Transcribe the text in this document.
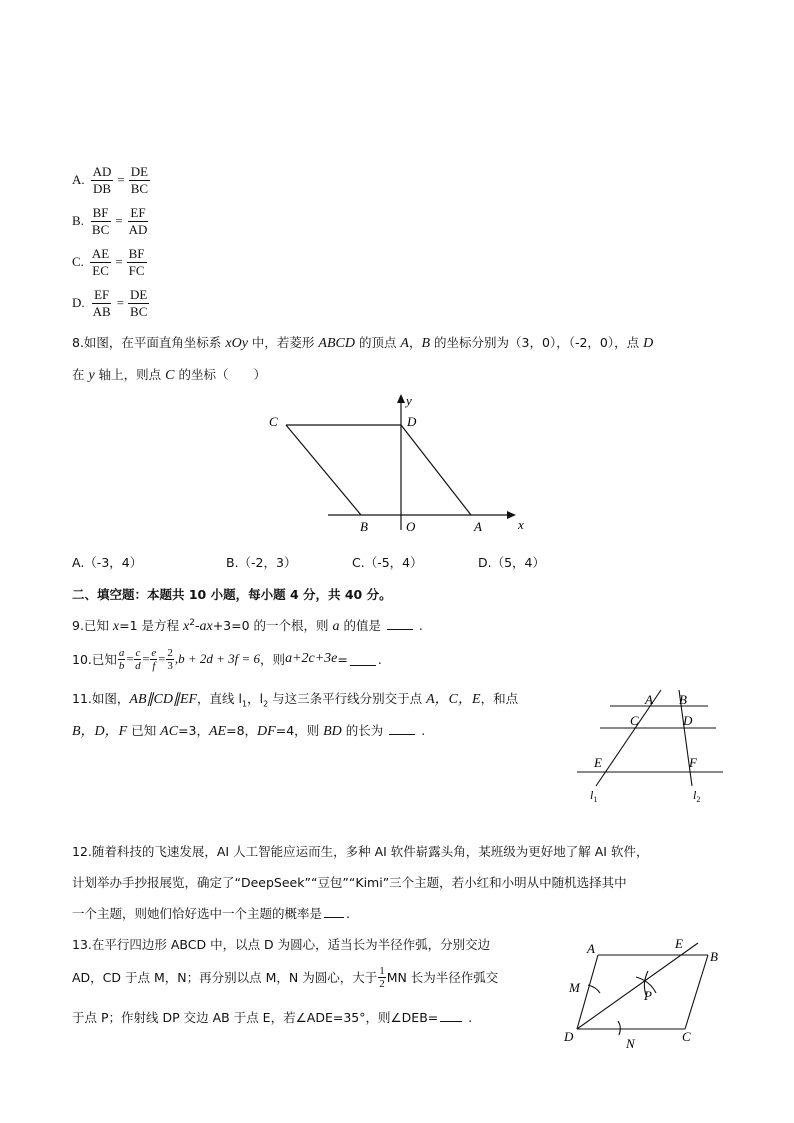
A. $\frac{AD}{DB} = \frac{DE}{BC}$
B. $\frac{BF}{BC} = \frac{EF}{AD}$
C. $\frac{AE}{EC} = \frac{BF}{FC}$
D. $\frac{EF}{AB} = \frac{DE}{BC}$
8.如图，在平面直角坐标系 xOy 中，若菱形 ABCD 的顶点 A，B 的坐标分别为（3，0），（-2，0），点 D
在 y 轴上，则点 C 的坐标（　　）
C	D
B	O	A	x
y
A.（-3，4）	B.（-2，3）	C.（-5，4）	D.（5，4）
二、填空题：本题共 10 小题，每小题 4 分，共 40 分。
9.已知 x=1 是方程 $x^2-ax+3=0$ 的一个根，则 a 的值是  .
10.已知 $\frac{a}{b} = \frac{c}{d} = \frac{e}{f} = \frac{2}{3} ,b + 2d + 3f = 6$ ，则 a+2c+3e = .
11.如图，AB∥CD∥EF，直线 $l_1$，$l_2$ 与这三条平行线分别交于点 A，C，E，和点
B，D，F 已知 AC=3，AE=8，DF=4，则 BD 的长为  .
A B
C	D
E	F
$l_1$	$l_2$
12.随着科技的飞速发展，AI 人工智能应运而生，多种 AI 软件崭露头角，某班级为更好地了解 AI 软件，
计划举办手抄报展览，确定了“DeepSeek”“豆包”“Kimi”三个主题，若小红和小明从中随机选择其中
一个主题，则她们恰好选中一个主题的概率是 .
13.在平行四边形 ABCD 中，以点 D 为圆心，适当长为半径作弧，分别交边
AD，CD 于点 M，N；再分别以点 M，N 为圆心，大于 $\frac{1}{2}$ MN 长为半径作弧交
于点 P；作射线 DP 交边 AB 于点 E，若∠ADE=35°，则∠DEB= .
A	E
B
M
P
D	N	C
